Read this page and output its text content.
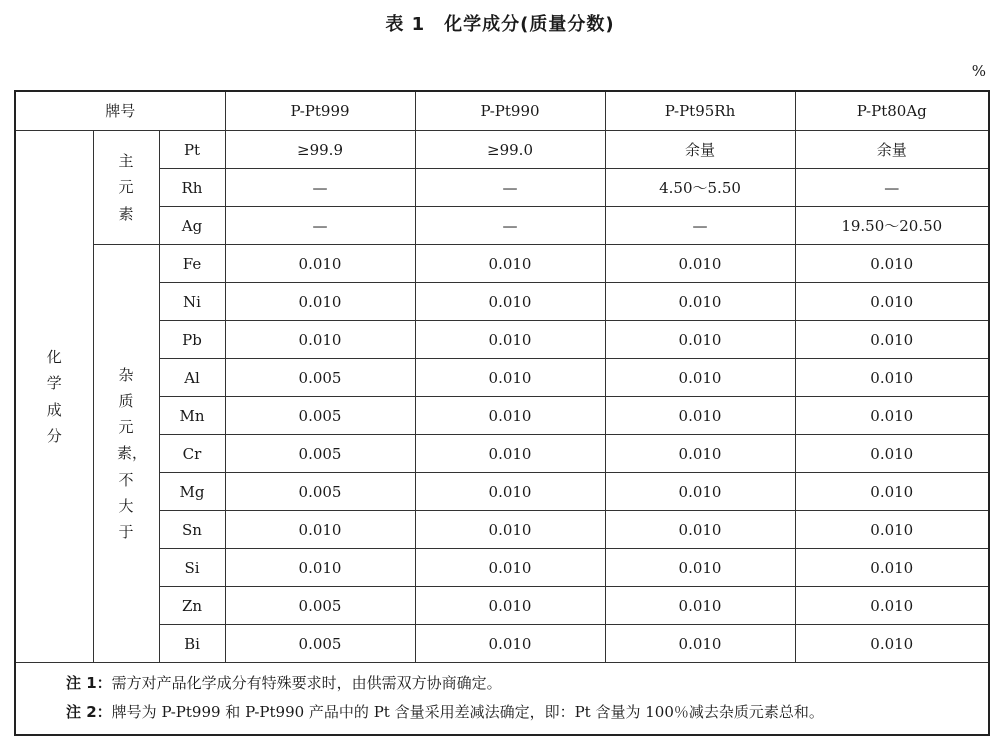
表 1　化学成分(质量分数)
%
牌号			P-Pt999	P-Pt990	P-Pt95Rh	P-Pt80Ag

化学成分	主元素	Pt	≥99.9	≥99.0	余量	余量
		Rh	—	—	4.50～5.50	—
		Ag	—	—	—	19.50～20.50

	杂质元素，不大于	Fe	0.010	0.010	0.010	0.010
		Ni	0.010	0.010	0.010	0.010
		Pb	0.010	0.010	0.010	0.010
		Al	0.005	0.010	0.010	0.010
		Mn	0.005	0.010	0.010	0.010
		Cr	0.005	0.010	0.010	0.010
		Mg	0.005	0.010	0.010	0.010
		Sn	0.010	0.010	0.010	0.010
		Si	0.010	0.010	0.010	0.010
		Zn	0.005	0.010	0.010	0.010
		Bi	0.005	0.010	0.010	0.010

注 1：需方对产品化学成分有特殊要求时，由供需双方协商确定。
注 2：牌号为 P-Pt999 和 P-Pt990 产品中的 Pt 含量采用差减法确定，即：Pt 含量为 100％减去杂质元素总和。						
